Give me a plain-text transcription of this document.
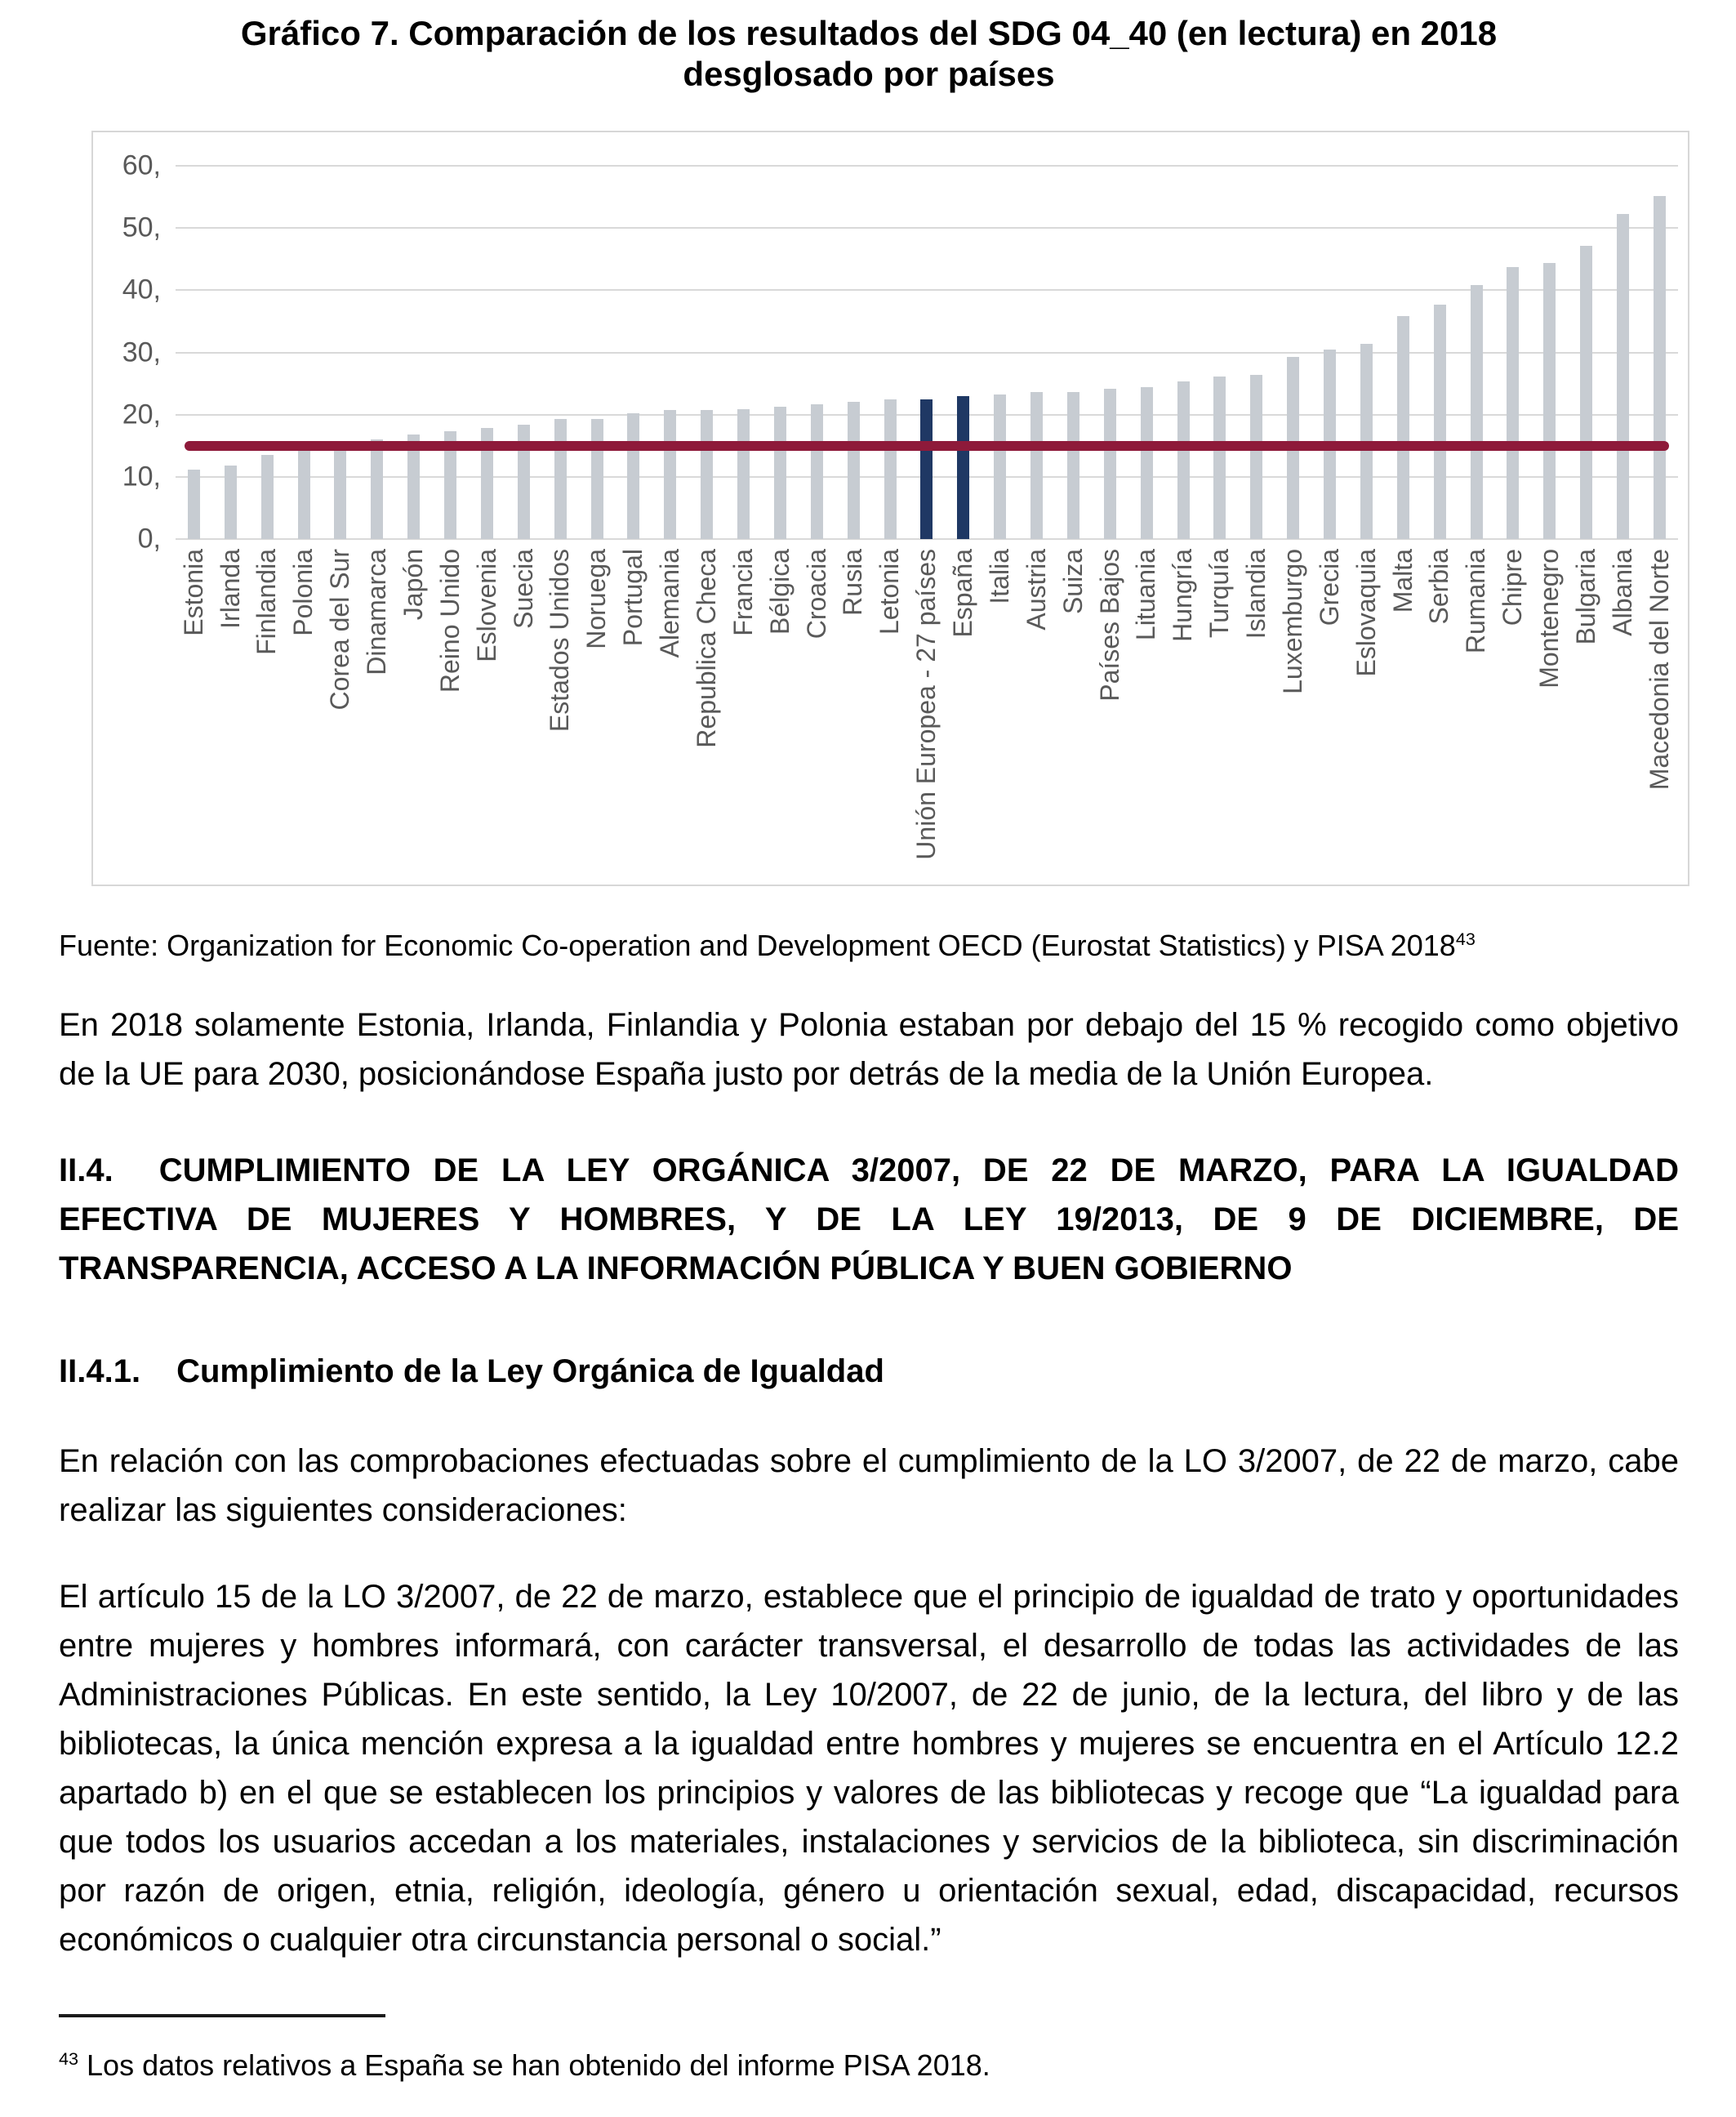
Gráfico 7. Comparación de los resultados del SDG 04_40 (en lectura) en 2018
desglosado por países
0,
10,
20,
30,
40,
50,
60,
Estonia Irlanda Finlandia Polonia Corea del Sur Dinamarca Japón Reino Unido Eslovenia Suecia Estados Unidos Noruega Portugal Alemania Republica Checa Francia Bélgica Croacia Rusia Letonia Unión Europea - 27 países España Italia Austria Suiza Países Bajos Lituania Hungría Turquía Islandia Luxemburgo Grecia Eslovaquia Malta Serbia Rumania Chipre Montenegro Bulgaria Albania Macedonia del Norte

Fuente: Organization for Economic Co-operation and Development OECD (Eurostat Statistics) y PISA 2018$^{43}$

En 2018 solamente Estonia, Irlanda, Finlandia y Polonia estaban por debajo del 15 % recogido como objetivo de la UE para 2030, posicionándose España justo por detrás de la media de la Unión Europea.

II.4. CUMPLIMIENTO DE LA LEY ORGÁNICA 3/2007, DE 22 DE MARZO, PARA LA IGUALDAD EFECTIVA DE MUJERES Y HOMBRES, Y DE LA LEY 19/2013, DE 9 DE DICIEMBRE, DE TRANSPARENCIA, ACCESO A LA INFORMACIÓN PÚBLICA Y BUEN GOBIERNO

II.4.1. Cumplimiento de la Ley Orgánica de Igualdad

En relación con las comprobaciones efectuadas sobre el cumplimiento de la LO 3/2007, de 22 de marzo, cabe realizar las siguientes consideraciones:

El artículo 15 de la LO 3/2007, de 22 de marzo, establece que el principio de igualdad de trato y oportunidades entre mujeres y hombres informará, con carácter transversal, el desarrollo de todas las actividades de las Administraciones Públicas. En este sentido, la Ley 10/2007, de 22 de junio, de la lectura, del libro y de las bibliotecas, la única mención expresa a la igualdad entre hombres y mujeres se encuentra en el Artículo 12.2 apartado b) en el que se establecen los principios y valores de las bibliotecas y recoge que “La igualdad para que todos los usuarios accedan a los materiales, instalaciones y servicios de la biblioteca, sin discriminación por razón de origen, etnia, religión, ideología, género u orientación sexual, edad, discapacidad, recursos económicos o cualquier otra circunstancia personal o social.”

$^{43}$ Los datos relativos a España se han obtenido del informe PISA 2018.
